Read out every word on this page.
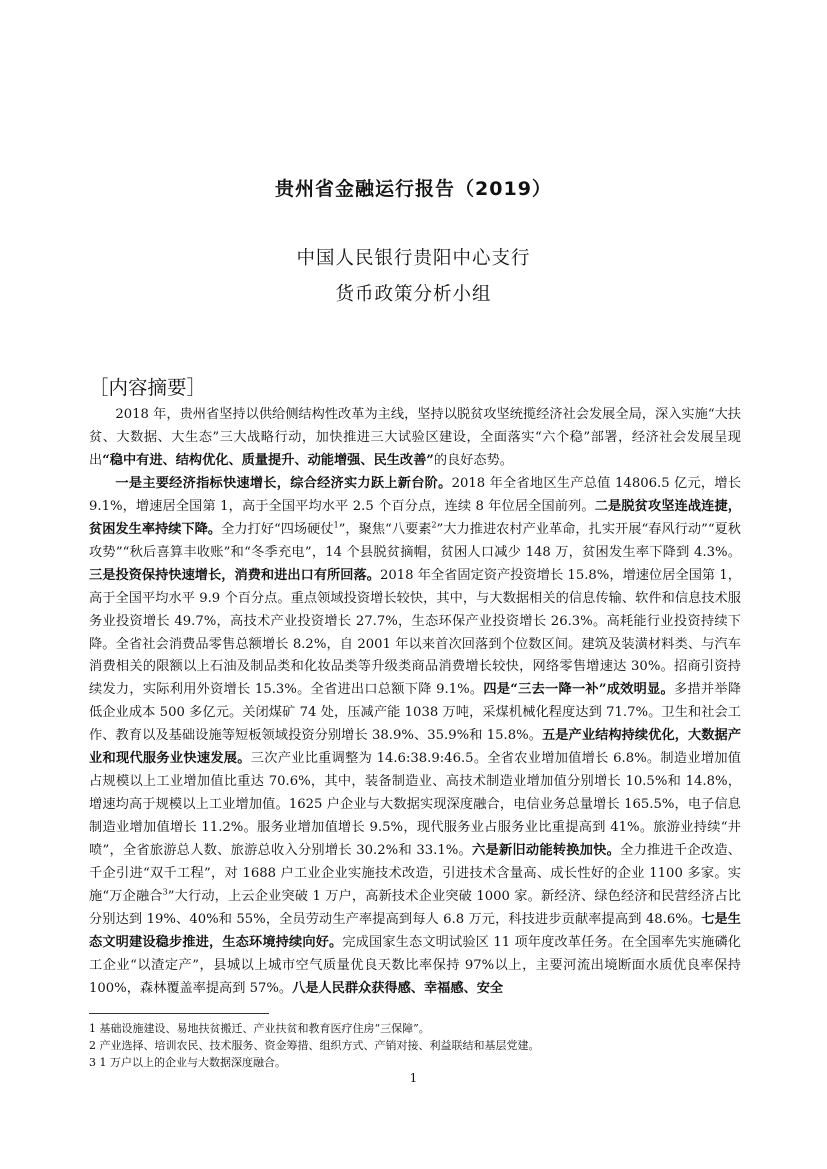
贵州省金融运行报告（2019）
中国人民银行贵阳中心支行
货币政策分析小组
［内容摘要］

2018 年，贵州省坚持以供给侧结构性改革为主线，坚持以脱贫攻坚统揽经济社会发展全局，深入实施“大扶贫、大数据、大生态”三大战略行动，加快推进三大试验区建设，全面落实“六个稳”部署，经济社会发展呈现出“稳中有进、结构优化、质量提升、动能增强、民生改善”的良好态势。

一是主要经济指标快速增长，综合经济实力跃上新台阶。2018 年全省地区生产总值 14806.5 亿元，增长 9.1%，增速居全国第 1，高于全国平均水平 2.5 个百分点，连续 8 年位居全国前列。二是脱贫攻坚连战连捷，贫困发生率持续下降。全力打好“四场硬仗$^1$”，聚焦“八要素$^2$”大力推进农村产业革命，扎实开展“春风行动”“夏秋攻势”“秋后喜算丰收账”和“冬季充电”，14 个县脱贫摘帽，贫困人口减少 148 万，贫困发生率下降到 4.3%。三是投资保持快速增长，消费和进出口有所回落。2018 年全省固定资产投资增长 15.8%，增速位居全国第 1，高于全国平均水平 9.9 个百分点。重点领域投资增长较快，其中，与大数据相关的信息传输、软件和信息技术服务业投资增长 49.7%，高技术产业投资增长 27.7%，生态环保产业投资增长 26.3%。高耗能行业投资持续下降。全省社会消费品零售总额增长 8.2%，自 2001 年以来首次回落到个位数区间。建筑及装潢材料类、与汽车消费相关的限额以上石油及制品类和化妆品类等升级类商品消费增长较快，网络零售增速达 30%。招商引资持续发力，实际利用外资增长 15.3%。全省进出口总额下降 9.1%。四是“三去一降一补”成效明显。多措并举降低企业成本 500 多亿元。关闭煤矿 74 处，压减产能 1038 万吨，采煤机械化程度达到 71.7%。卫生和社会工作、教育以及基础设施等短板领域投资分别增长 38.9%、35.9%和 15.8%。五是产业结构持续优化，大数据产业和现代服务业快速发展。三次产业比重调整为 14.6:38.9:46.5。全省农业增加值增长 6.8%。制造业增加值占规模以上工业增加值比重达 70.6%，其中，装备制造业、高技术制造业增加值分别增长 10.5%和 14.8%，增速均高于规模以上工业增加值。1625 户企业与大数据实现深度融合，电信业务总量增长 165.5%，电子信息制造业增加值增长 11.2%。服务业增加值增长 9.5%，现代服务业占服务业比重提高到 41%。旅游业持续“井喷”，全省旅游总人数、旅游总收入分别增长 30.2%和 33.1%。六是新旧动能转换加快。全力推进千企改造、千企引进“双千工程”，对 1688 户工业企业实施技术改造，引进技术含量高、成长性好的企业 1100 多家。实施“万企融合$^3$”大行动，上云企业突破 1 万户，高新技术企业突破 1000 家。新经济、绿色经济和民营经济占比分别达到 19%、40%和 55%，全员劳动生产率提高到每人 6.8 万元，科技进步贡献率提高到 48.6%。七是生态文明建设稳步推进，生态环境持续向好。完成国家生态文明试验区 11 项年度改革任务。在全国率先实施磷化工企业“以渣定产”，县城以上城市空气质量优良天数比率保持 97%以上，主要河流出境断面水质优良率保持 100%，森林覆盖率提高到 57%。八是人民群众获得感、幸福感、安全

1 基础设施建设、易地扶贫搬迁、产业扶贫和教育医疗住房“三保障”。
2 产业选择、培训农民、技术服务、资金筹措、组织方式、产销对接、利益联结和基层党建。
3 1 万户以上的企业与大数据深度融合。
1
